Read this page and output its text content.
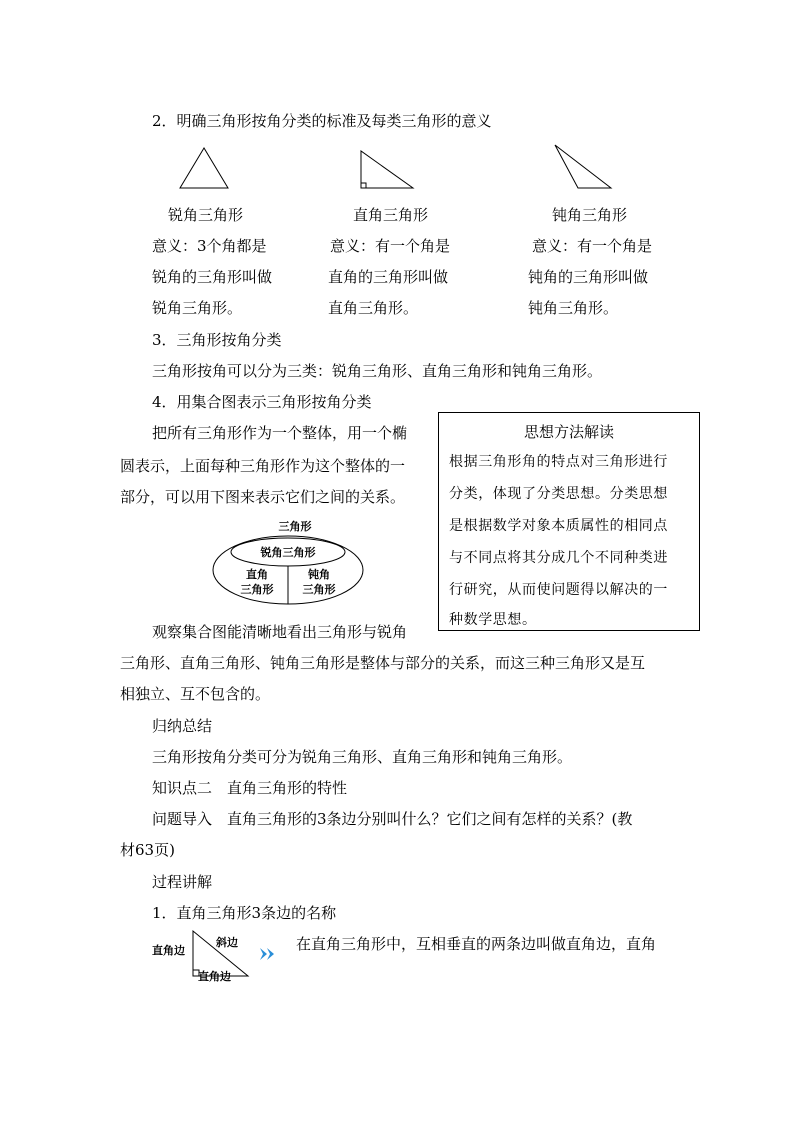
2．明确三角形按角分类的标准及每类三角形的意义
锐角三角形	直角三角形	钝角三角形
意义：3个角都是
锐角的三角形叫做
锐角三角形。
意义：有一个角是
直角的三角形叫做
直角三角形。
意义：有一个角是
钝角的三角形叫做
钝角三角形。
3．三角形按角分类
三角形按角可以分为三类：锐角三角形、直角三角形和钝角三角形。
4．用集合图表示三角形按角分类
把所有三角形作为一个整体，用一个椭
圆表示，上面每种三角形作为这个整体的一
部分，可以用下图来表示它们之间的关系。
三角形
锐角三角形
直角
三角形
钝角
三角形
思想方法解读
根据三角形角的特点对三角形进行
分类，体现了分类思想。分类思想
是根据数学对象本质属性的相同点
与不同点将其分成几个不同种类进
行研究，从而使问题得以解决的一
种数学思想。
观察集合图能清晰地看出三角形与锐角
三角形、直角三角形、钝角三角形是整体与部分的关系，而这三种三角形又是互
相独立、互不包含的。
归纳总结
三角形按角分类可分为锐角三角形、直角三角形和钝角三角形。
知识点二　直角三角形的特性
问题导入　直角三角形的3条边分别叫什么？它们之间有怎样的关系？(教
材63页)
过程讲解
1．直角三角形3条边的名称
直角边
斜边
直角边
在直角三角形中，互相垂直的两条边叫做直角边，直角
